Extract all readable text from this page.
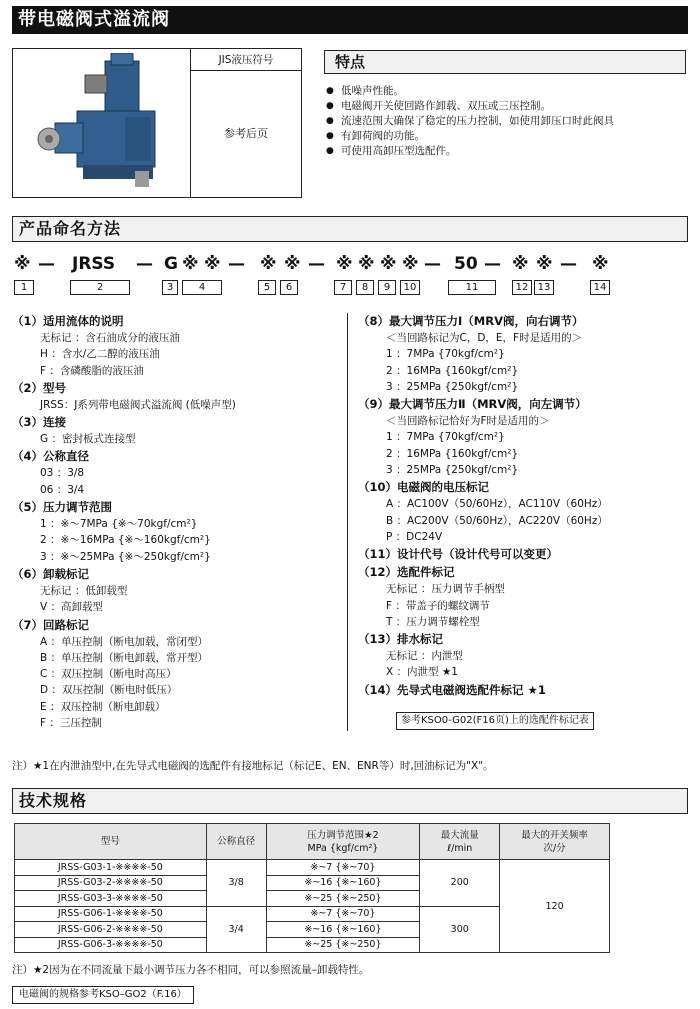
带电磁阀式溢流阀
JIS液压符号
参考后页
特点
● 低噪声性能。
● 电磁阀开关使回路作卸载、双压或三压控制。
● 流速范围大确保了稳定的压力控制，如使用卸压口时此阀具
● 有卸荷阀的功能。
● 可使用高卸压型选配件。
产品命名方法
※ — JRSS — G ※ ※ — ※ ※ — ※ ※ ※ ※ — 50 — ※ ※ — ※
1	2	3	4	5	6	7	8	9	10	11	12 13	14
（1）适用流体的说明
无标记 ：含石油成分的液压油
H ：含水/乙二醇的液压油
F ：含磷酸脂的液压油
（2）型号
JRSS：J系列带电磁阀式溢流阀 (低噪声型)
（3）连接
G ：密封板式连接型
（4）公称直径
03 ：3/8
06 ：3/4
（5）压力调节范围
1 ：※～7MPa {※～70kgf/cm²}
2 ：※～16MPa {※～160kgf/cm²}
3 ：※～25MPa {※～250kgf/cm²}
（6）卸载标记
无标记 ：低卸载型
V ：高卸载型
（7）回路标记
A ：单压控制（断电加载，常闭型）
B ：单压控制（断电卸载，常开型）
C ：双压控制（断电时高压）
D ：双压控制（断电时低压）
E ：双压控制（断电卸载）
F ：三压控制
（8）最大调节压力Ⅰ（MRV阀，向右调节）
＜当回路标记为C，D，E，F时是适用的＞
1 ：7MPa {70kgf/cm²}
2 ：16MPa {160kgf/cm²}
3 ：25MPa {250kgf/cm²}
（9）最大调节压力Ⅱ（MRV阀，向左调节）
＜当回路标记恰好为F时是适用的＞
1 ：7MPa {70kgf/cm²}
2 ：16MPa {160kgf/cm²}
3 ：25MPa {250kgf/cm²}
（10）电磁阀的电压标记
A ：AC100V（50/60Hz），AC110V（60Hz）
B ：AC200V（50/60Hz），AC220V（60Hz）
P ：DC24V
（11）设计代号（设计代号可以变更）
（12）选配件标记
无标记 ：压力调节手柄型
F ：带盖子的螺纹调节
T ：压力调节螺栓型
（13）排水标记
无标记 ：内泄型
X ：内泄型 ★1
（14）先导式电磁阀选配件标记 ★1
参考KSO0-G02(F16页)上的选配件标记表
注）★1在内泄油型中,在先导式电磁阀的选配件有接地标记（标记E、EN、ENR等）时,回油标记为"X"。
技术规格
型号	公称直径	压力调节范围★2
MPa {kgf/cm²}	最大流量
ℓ/min	最大的开关频率
次/分
JRSS-G03-1-※※※※-50	3/8	※~7 {※~70}	200	120
JRSS-G03-2-※※※※-50		※~16 {※~160}		
JRSS-G03-3-※※※※-50		※~25 {※~250}		
JRSS-G06-1-※※※※-50	3/4	※~7 {※~70}	300	
JRSS-G06-2-※※※※-50		※~16 {※~160}		
JRSS-G06-3-※※※※-50		※~25 {※~250}		
注）★2因为在不同流量下最小调节压力各不相同，可以参照流量–卸载特性。
电磁阀的规格参考KSO–GO2（F.16）
